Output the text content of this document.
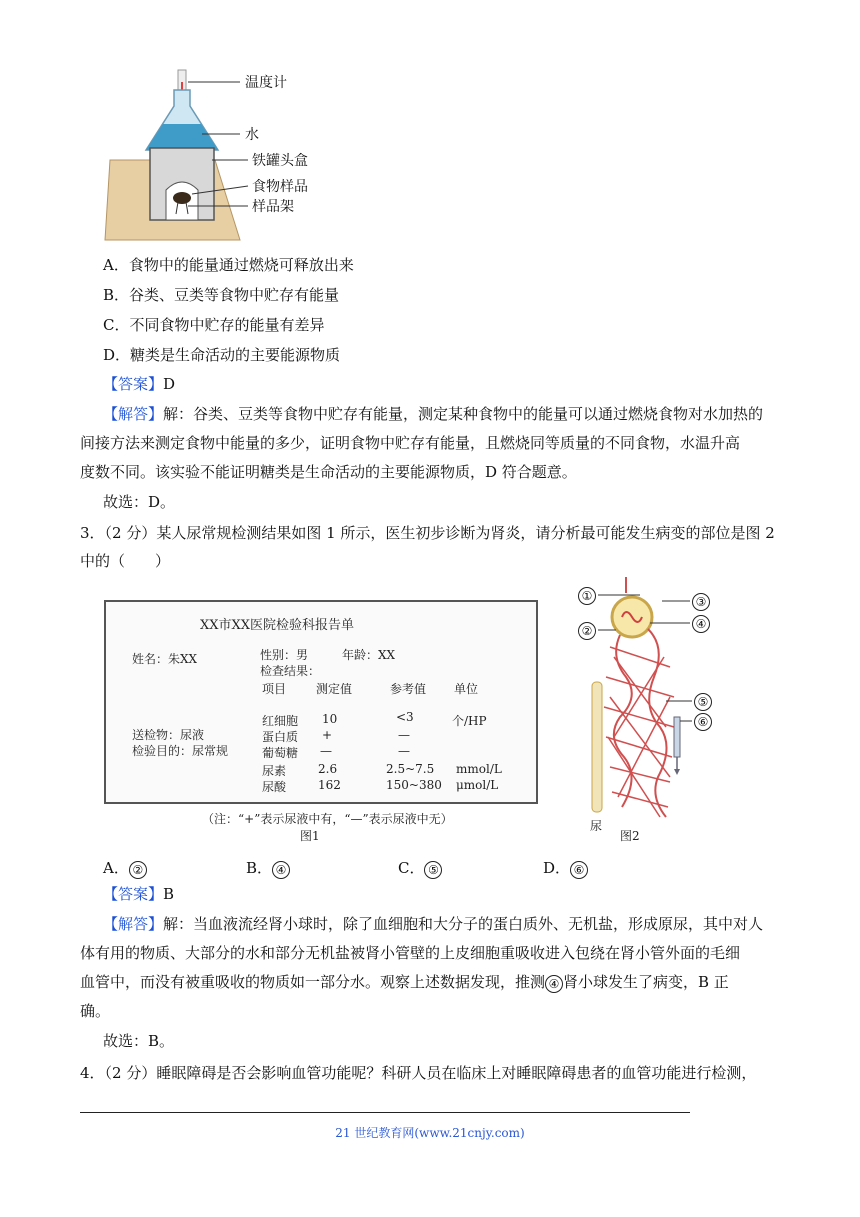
温度计
水
铁罐头盒
食物样品
样品架
A．食物中的能量通过燃烧可释放出来
B．谷类、豆类等食物中贮存有能量
C．不同食物中贮存的能量有差异
D．糖类是生命活动的主要能源物质
【答案】D
【解答】解：谷类、豆类等食物中贮存有能量，测定某种食物中的能量可以通过燃烧食物对水加热的
间接方法来测定食物中能量的多少，证明食物中贮存有能量，且燃烧同等质量的不同食物，水温升高
度数不同。该实验不能证明糖类是生命活动的主要能源物质，D 符合题意。
故选：D。
3．（2 分）某人尿常规检测结果如图 1 所示，医生初步诊断为肾炎，请分析最可能发生病变的部位是图 2
中的（　　）
XX市XX医院检验科报告单
姓名：朱XX	性别：男	年龄：XX
检查结果：
项目 测定值	参考值 单位
红细胞 10	<3	个/HP
蛋白质 +	—
葡萄糖 —	—
尿素	2.6	2.5~7.5 mmol/L
尿酸	162	150~380 μmol/L
送检物：尿液
检验目的：尿常规
（注：“+”表示尿液中有，“—”表示尿液中无）
图1
①
②
③
④
⑤
⑥
尿
图2
A． ②	B． ④	C． ⑤	D． ⑥
【答案】B
【解答】解：当血液流经肾小球时，除了血细胞和大分子的蛋白质外、无机盐，形成原尿，其中对人
体有用的物质、大部分的水和部分无机盐被肾小管壁的上皮细胞重吸收进入包绕在肾小管外面的毛细
血管中，而没有被重吸收的物质如一部分水。观察上述数据发现，推测 ④ 肾小球发生了病变，B 正
确。
故选：B。
4．（2 分）睡眠障碍是否会影响血管功能呢？科研人员在临床上对睡眠障碍患者的血管功能进行检测，
21 世纪教育网(www.21cnjy.com)
